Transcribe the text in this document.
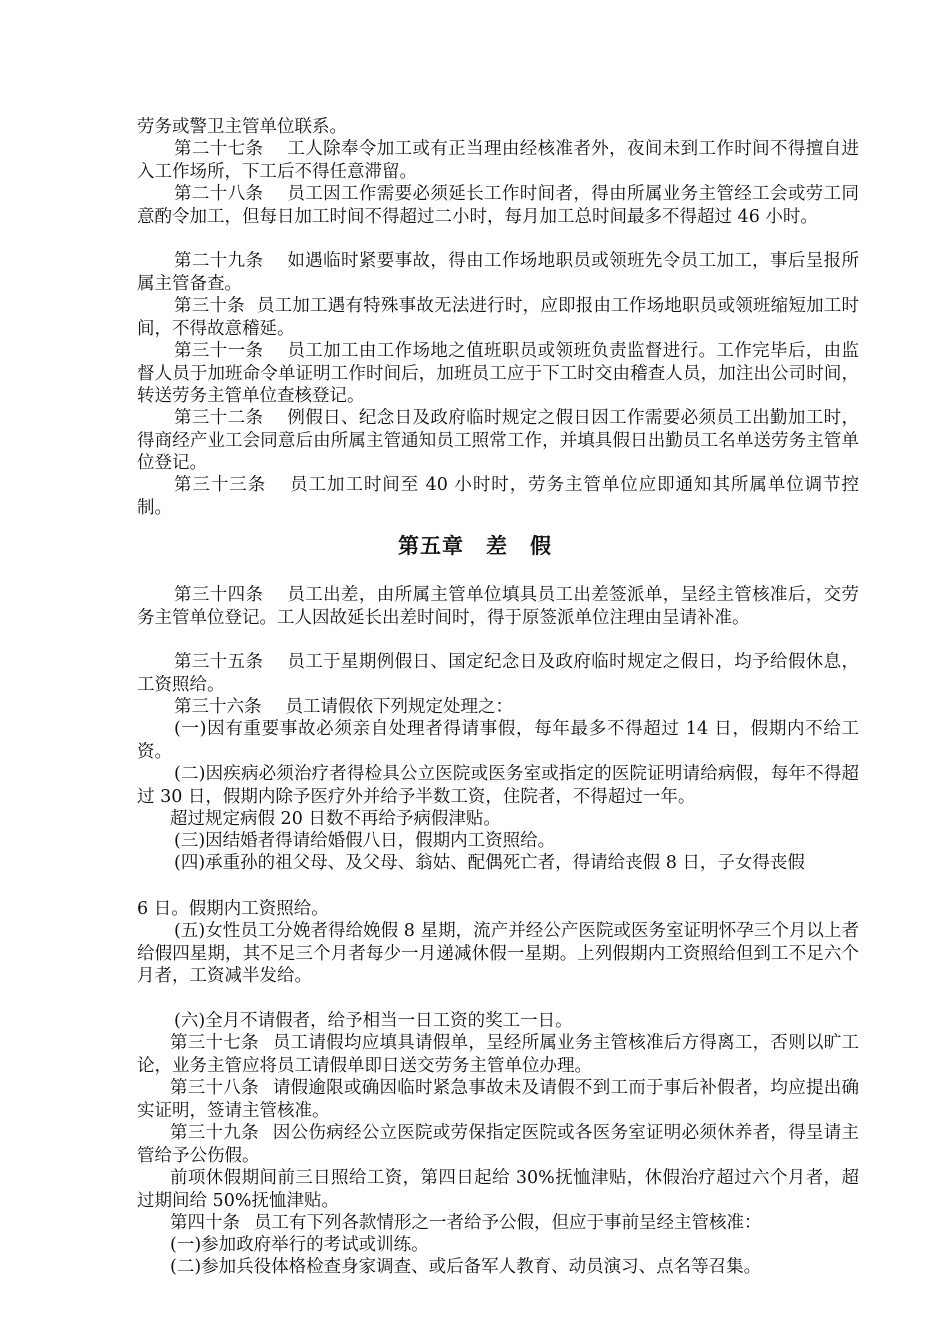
劳务或警卫主管单位联系。

第二十七条 工人除奉令加工或有正当理由经核准者外，夜间未到工作时间不得擅自进入工作场所，下工后不得任意滞留。

第二十八条 员工因工作需要必须延长工作时间者，得由所属业务主管经工会或劳工同意酌令加工，但每日加工时间不得超过二小时，每月加工总时间最多不得超过 46 小时。

第二十九条 如遇临时紧要事故，得由工作场地职员或领班先令员工加工，事后呈报所属主管备查。

第三十条 员工加工遇有特殊事故无法进行时，应即报由工作场地职员或领班缩短加工时间，不得故意稽延。

第三十一条 员工加工由工作场地之值班职员或领班负责监督进行。工作完毕后，由监督人员于加班命令单证明工作时间后，加班员工应于下工时交由稽查人员，加注出公司时间，转送劳务主管单位查核登记。

第三十二条 例假日、纪念日及政府临时规定之假日因工作需要必须员工出勤加工时，得商经产业工会同意后由所属主管通知员工照常工作，并填具假日出勤员工名单送劳务主管单位登记。

第三十三条 员工加工时间至 40 小时时，劳务主管单位应即通知其所属单位调节控制。

第五章　差　假

第三十四条 员工出差，由所属主管单位填具员工出差签派单，呈经主管核准后，交劳务主管单位登记。工人因故延长出差时间时，得于原签派单位注理由呈请补准。

第三十五条 员工于星期例假日、国定纪念日及政府临时规定之假日，均予给假休息，工资照给。

第三十六条 员工请假依下列规定处理之：

(一)因有重要事故必须亲自处理者得请事假，每年最多不得超过 14 日，假期内不给工资。

(二)因疾病必须治疗者得检具公立医院或医务室或指定的医院证明请给病假，每年不得超过 30 日，假期内除予医疗外并给予半数工资，住院者，不得超过一年。

超过规定病假 20 日数不再给予病假津贴。

(三)因结婚者得请给婚假八日，假期内工资照给。

(四)承重孙的祖父母、及父母、翁姑、配偶死亡者，得请给丧假 8 日，子女得丧假

6 日。假期内工资照给。

(五)女性员工分娩者得给娩假 8 星期，流产并经公产医院或医务室证明怀孕三个月以上者给假四星期，其不足三个月者每少一月递减休假一星期。上列假期内工资照给但到工不足六个月者，工资减半发给。

(六)全月不请假者，给予相当一日工资的奖工一日。

第三十七条 员工请假均应填具请假单，呈经所属业务主管核准后方得离工，否则以旷工论，业务主管应将员工请假单即日送交劳务主管单位办理。

第三十八条 请假逾限或确因临时紧急事故未及请假不到工而于事后补假者，均应提出确实证明，签请主管核准。

第三十九条 因公伤病经公立医院或劳保指定医院或各医务室证明必须休养者，得呈请主管给予公伤假。

前项休假期间前三日照给工资，第四日起给 30%抚恤津贴，休假治疗超过六个月者，超过期间给 50%抚恤津贴。

第四十条 员工有下列各款情形之一者给予公假，但应于事前呈经主管核准：

(一)参加政府举行的考试或训练。

(二)参加兵役体格检查身家调查、或后备军人教育、动员演习、点名等召集。
